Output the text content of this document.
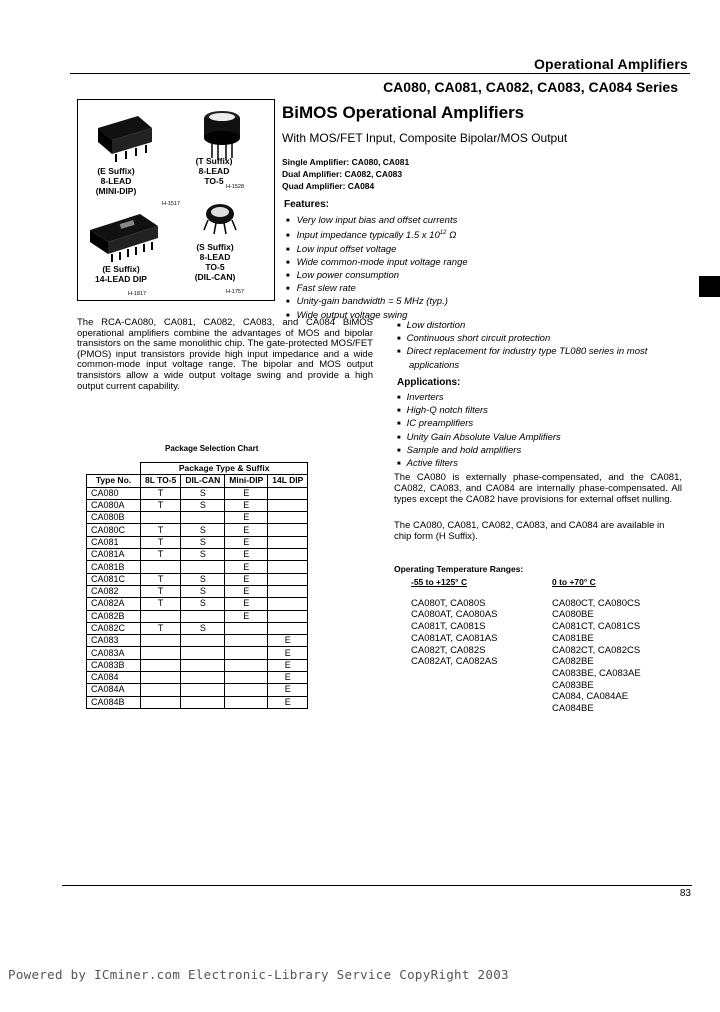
Operational Amplifiers
CA080, CA081, CA082, CA083, CA084 Series
(E Suffix)
8-LEAD
(MINI-DIP)
H-1517
(T Suffix)
8-LEAD
TO-5
H-1528
(E Suffix)
14-LEAD DIP
H-1817
(S Suffix)
8-LEAD
TO-5
(DIL-CAN)
H-1757
BiMOS Operational Amplifiers
With MOS/FET Input, Composite Bipolar/MOS Output
Single Amplifier: CA080, CA081
Dual Amplifier: CA082, CA083
Quad Amplifier: CA084
Features:
■ Very low input bias and offset currents
■ Input impedance typically 1.5 x $10^{12}$ Ω
■ Low input offset voltage
■ Wide common-mode input voltage range
■ Low power consumption
■ Fast slew rate
■ Unity-gain bandwidth = 5 MHz (typ.)
■ Wide output voltage swing
The RCA-CA080, CA081, CA082, CA083, and CA084 BiMOS operational amplifiers combine the advantages of MOS and bipolar transistors on the same monolithic chip. The gate-protected MOS/FET (PMOS) input transistors provide high input impedance and a wide common-mode input voltage range. The bipolar and MOS output transistors allow a wide output voltage swing and provide a high output current capability.
■ Low distortion
■ Continuous short circuit protection
■ Direct replacement for industry type TL080 series in most applications
Applications:
■ Inverters
■ High-Q notch filters
■ IC preamplifiers
■ Unity Gain Absolute Value Amplifiers
■ Sample and hold amplifiers
■ Active filters
Package Selection Chart
	Package Type & Suffix			
Type No.	8L TO-5	DIL-CAN	Mini-DIP	14L DIP
CA080	T	S	E	
CA080A	T	S	E	
CA080B			E	
CA080C	T	S	E	
CA081	T	S	E	
CA081A	T	S	E	
CA081B			E	
CA081C	T	S	E	
CA082	T	S	E	
CA082A	T	S	E	
CA082B			E	
CA082C	T	S		
CA083				E
CA083A				E
CA083B				E
CA084				E
CA084A				E
CA084B				E
The CA080 is externally phase-compensated, and the CA081, CA082, CA083, and CA084 are internally phase-compensated. All types except the CA082 have provisions for external offset nulling.
The CA080, CA081, CA082, CA083, and CA084 are available in chip form (H Suffix).
Operating Temperature Ranges:
-55 to +125° C
CA080T, CA080S
CA080AT, CA080AS
CA081T, CA081S
CA081AT, CA081AS
CA082T, CA082S
CA082AT, CA082AS
0 to +70° C
CA080CT, CA080CS
CA080BE
CA081CT, CA081CS
CA081BE
CA082CT, CA082CS
CA082BE
CA083BE, CA083AE
CA083BE
CA084, CA084AE
CA084BE
83
Powered by ICminer.com Electronic-Library Service CopyRight 2003
